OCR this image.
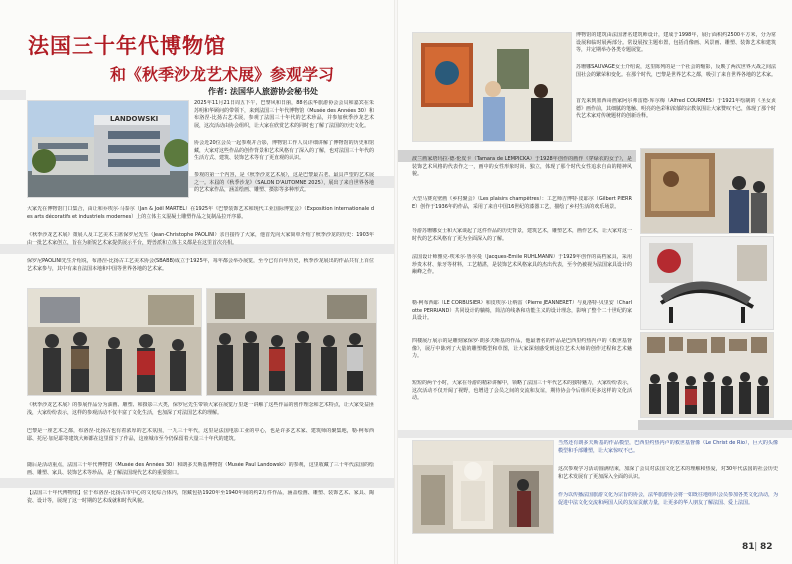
法国三十年代博物馆
和《秋季沙龙艺术展》参观学习
作者: 法国华人旅游协会秘书处
LANDOWSKI
2025年11月21日周五下午，巴黎风和日丽，88名法华旅游协会会员和嘉宾在朱苏明和华顾问的带领下，来到法国三十年代博物馆（Musée des Années 30）和布洛涅-比扬古艺术展，参观了法国三十年代的艺术珍品，并参加秋季沙龙艺术展，这次活动由协会组织，让大家在欣赏艺术的同时也了解了法国的历史文化。
协会近20位会员一起参观并合影，博物馆工作人员详细讲解了博物馆的历史和馆藏，大家对这些作品的创作背景和艺术风格有了深入的了解，也对法国三十年代的生活方式、建筑、装饰艺术等有了更直观的认识。
参观的第一个内容，是《秋季沙龙艺术展》，这是巴黎最古老、最具声望的艺术展之一。本届的《秋季沙龙》（SALON D'AUTOMNE 2025），展出了来自世界各地的艺术家作品，涵盖绘画、雕塑、摄影等多种形式。
大家先在博物馆门口集合，由让和乔埃尔·马泰尔（Jan & Joël MARTEL）在1925年《巴黎装饰艺术和现代工业国际博览会》（Exposition internationale des arts décoratifs et industriels modernes）上的立体主义混凝土雕塑作品之复制品拉开序幕。
《秋季沙龙艺术展》策展人及工艺美术主席保罗尼先生（Jean-Christophe PAOLINI）亲自接待了大家，他首先向大家简单介绍了秋季沙龙的历史：1903年由一批艺术家创立，旨在为新锐艺术家提供展示平台，野兽派和立体主义都是在这里首次亮相。
保罗尼PAOLINI先生介绍说，布洛涅-比扬古工艺美术协会(SBABB)成立于1925年，每年都会举办展览，至今已有百年历史，秋季沙龙展出的作品共有上百位艺术家参与，其中有来自法国本地和中国等世界各地的艺术家。
《秋季沙龙艺术展》的参展作品分为油画、雕塑、和摄影三大类，保罗尼先生带领大家在展览厅里逐一讲解了这些作品的创作理念和艺术特点，让大家受益匪浅，大家纷纷表示，这样的参观活动不仅丰富了文化生活，也加深了对法国艺术的理解。
巴黎是一座艺术之都，布洛涅-比扬古也有着浓厚的艺术氛围，一九三十年代，这里是法国电影工业的中心，也是许多艺术家、建筑师的聚集地，勒·柯布西耶、托尼·加尼耶等建筑大师都在这里留下了作品，这座城市至今仍保留着大量三十年代的建筑。
随后是活动重点，法国三十年代博物馆（Musée des Années 30）和朗多夫斯基博物馆（Musée Paul Landowski）的参观，这里收藏了三十年代法国的绘画、雕塑、家具、装饰艺术等珍品，是了解法国现代艺术的重要窗口。
【法国三十年代博物馆】位于布洛涅-比扬古市中心的文化综合体内，馆藏包括1920年至1940年间的约2万件作品，涵盖绘画、雕塑、装饰艺术、家具、陶瓷、设计等，展现了这一时期的艺术成就和时代风貌。
博物馆的建筑由法国著名建筑师设计，建成于1998年，展厅面积约2500平方米，分为常设展和临时展两部分。常设展按主题布置，包括肖像画、风景画、雕塑、装饰艺术和建筑等，并定期举办各类专题展览。
苏珊娜SAUVAGE女士介绍说，这里陈列的是一个社会的缩影，反映了两次世界大战之间法国社会的繁荣和变化。在那个时代，巴黎是世界艺术之都，吸引了来自世界各地的艺术家。
首先来到墨西哥画家阿尔弗雷德·库尔梅（Alfred COURMES）于1921年绘制的《圣女贞德》画作前，其细腻的笔触、明亮的色彩和浓郁的宗教氛围让大家赞叹不已，体现了那个时代艺术家对传统题材的创新诠释。
波兰画家塔玛拉·德·伦皮卡（Tamara de LEMPICKA）于1928年创作的画作《穿绿衣的女子》，是装饰艺术风格的代表作之一，画中的女性形象时尚、独立，体现了那个时代女性追求自由的精神风貌。
大型马赛克壁画《乡村聚会》（Les plaisirs champêtres）：工艺师吉博特·皮耶尔（Gilbert PIERRE）创作于1936年的作品，采用了来自中国16世纪的漆器工艺，描绘了乡村生活的欢乐场景。
导游苏珊娜女士和大家谈起了这件作品的历史背景，建筑艺术，雕塑艺术，画作艺术，让大家对这一时代的艺术风格有了更为全面深入的了解。
法国设计师雅克-埃米尔·鲁尔曼（Jacques-Émile RUHLMANN）于1929年创作的高档家具，采用珍贵木材、象牙等材料，工艺精湛，是装饰艺术风格家具的杰出代表，至今仍被视为法国家具设计的巅峰之作。
勒·柯布西耶（LE CORBUSIER）和皮埃尔·让纳雷（Pierre JEANNERET）与夏洛特·贝里安（Charlotte PERRIAND）共同设计的躺椅，简洁的线条和功能主义的设计理念，影响了整个二十世纪的家具设计。
四楼展厅展示的是雕刻家保罗·朗多夫斯基的作品，他最著名的作品是巴西里约热内卢的《救世基督像》，展厅中陈列了大量的雕塑模型和草图，让大家深刻感受到这位艺术大师的创作过程和艺术魅力。
短短的两个小时，大家在导游的精彩讲解中，领略了法国三十年代艺术的独特魅力，大家纷纷表示，这次活动不仅开阔了视野，也增进了会员之间的交流和友谊，期待协会今后组织更多这样的文化活动。
当然还有朗多夫斯基的作品模型，巴西里约热内卢的救世基督像（Le Christ de Rio），巨大的头像模型和手部雕塑，让大家惊叹不已。
这次参观学习活动圆满结束，加深了会员对法国文化艺术的理解和热爱，对30年代法国的社会历史和艺术发展有了更加深入全面的认识。
作为以传播法国旅游文化为宗旨的协会，法华旅游协会将一如既往地组织会员参加各类文化活动，为促进中法文化交流和两国人民的友谊贡献力量，让更多的华人朋友了解法国、爱上法国。
81 | 82
